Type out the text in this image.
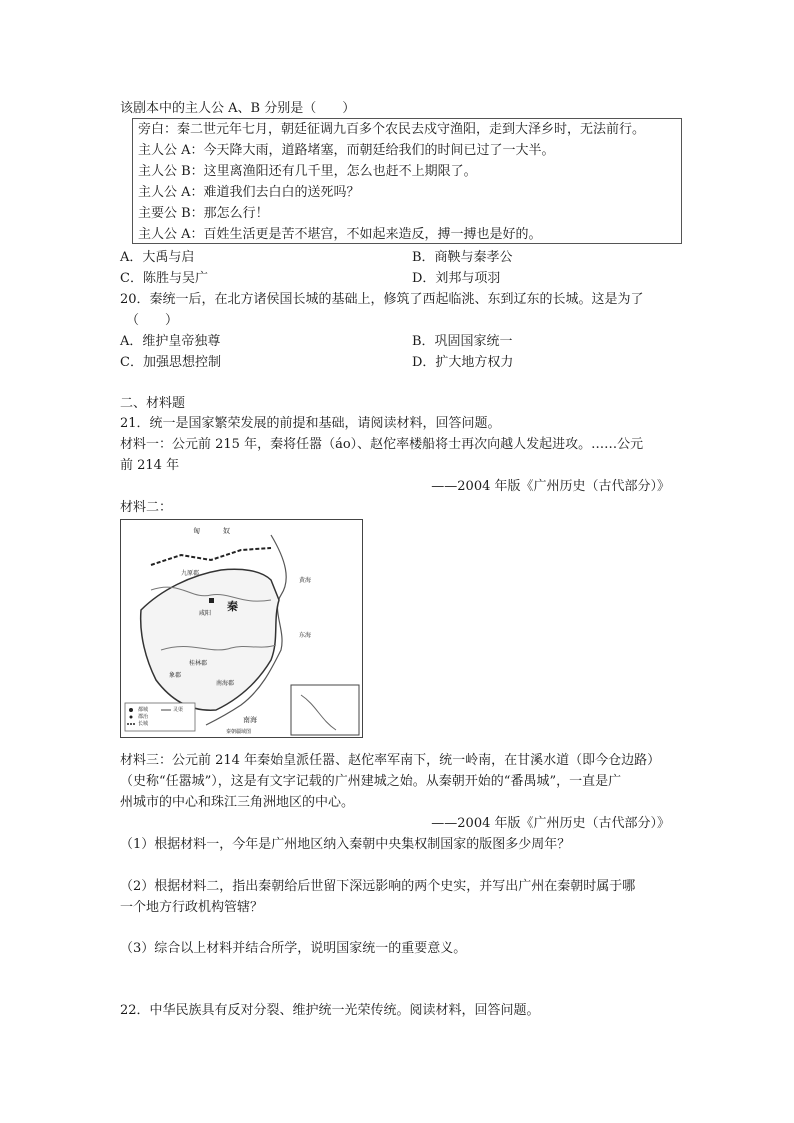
该剧本中的主人公 A、B 分别是（　　）
旁白：秦二世元年七月，朝廷征调九百多个农民去戍守渔阳，走到大泽乡时，无法前行。
主人公 A：今天降大雨，道路堵塞，而朝廷给我们的时间已过了一大半。
主人公 B：这里离渔阳还有几千里，怎么也赶不上期限了。
主人公 A：难道我们去白白的送死吗？
主要公 B：那怎么行！
主人公 A：百姓生活更是苦不堪宫，不如起来造反，搏一搏也是好的。
A．大禹与启	B．商鞅与秦孝公
C．陈胜与吴广	D．刘邦与项羽
20．秦统一后，在北方诸侯国长城的基础上，修筑了西起临洮、东到辽东的长城。这是为了
（　　）
A．维护皇帝独尊	B．巩固国家统一
C．加强思想控制	D．扩大地方权力
二、材料题
21．统一是国家繁荣发展的前提和基础，请阅读材料，回答问题。
材料一：公元前 215 年，秦将任嚣（áo）、赵佗率楼船将士再次向越人发起进攻。……公元
前 214 年
——2004 年版《广州历史（古代部分）》
材料二：
匈	奴
九原郡
咸阳
秦
黄海
东海
南海郡
象郡
南海
桂林郡
都城
郡治
长城
灵渠
秦朝疆域图
材料三：公元前 214 年秦始皇派任嚣、赵佗率军南下，统一岭南，在甘溪水道（即今仓边路）
（史称“任嚣城”），这是有文字记载的广州建城之始。从秦朝开始的“番禺城”，一直是广
州城市的中心和珠江三角洲地区的中心。
——2004 年版《广州历史（古代部分）》
（1）根据材料一，今年是广州地区纳入秦朝中央集权制国家的版图多少周年？
（2）根据材料二，指出秦朝给后世留下深远影响的两个史实，并写出广州在秦朝时属于哪
一个地方行政机构管辖？
（3）综合以上材料并结合所学，说明国家统一的重要意义。
22．中华民族具有反对分裂、维护统一光荣传统。阅读材料，回答问题。
